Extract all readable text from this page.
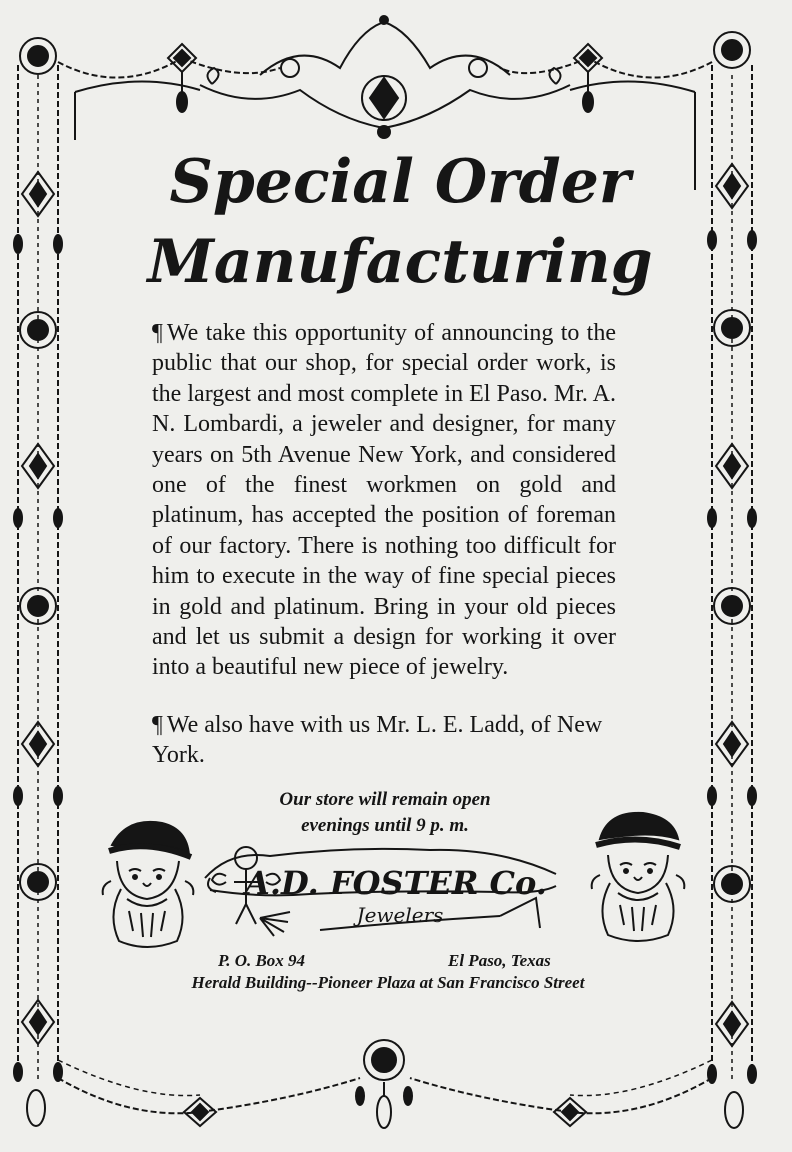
Special Order
Manufacturing

¶ We take this opportunity of announcing to the public that our shop, for special order work, is the largest and most complete in El Paso. Mr. A. N. Lombardi, a jeweler and designer, for many years on 5th Avenue New York, and considered one of the finest workmen on gold and platinum, has accepted the position of foreman of our factory. There is nothing too difficult for him to execute in the way of fine special pieces in gold and platinum. Bring in your old pieces and let us submit a design for working it over into a beautiful new piece of jewelry.

¶ We also have with us Mr. L. E. Ladd, of New York.

Our store will remain open
evenings until 9 p. m.
A.D. FOSTER Co.
Jewelers
P. O. Box 94	El Paso, Texas
Herald Building--Pioneer Plaza at San Francisco Street
